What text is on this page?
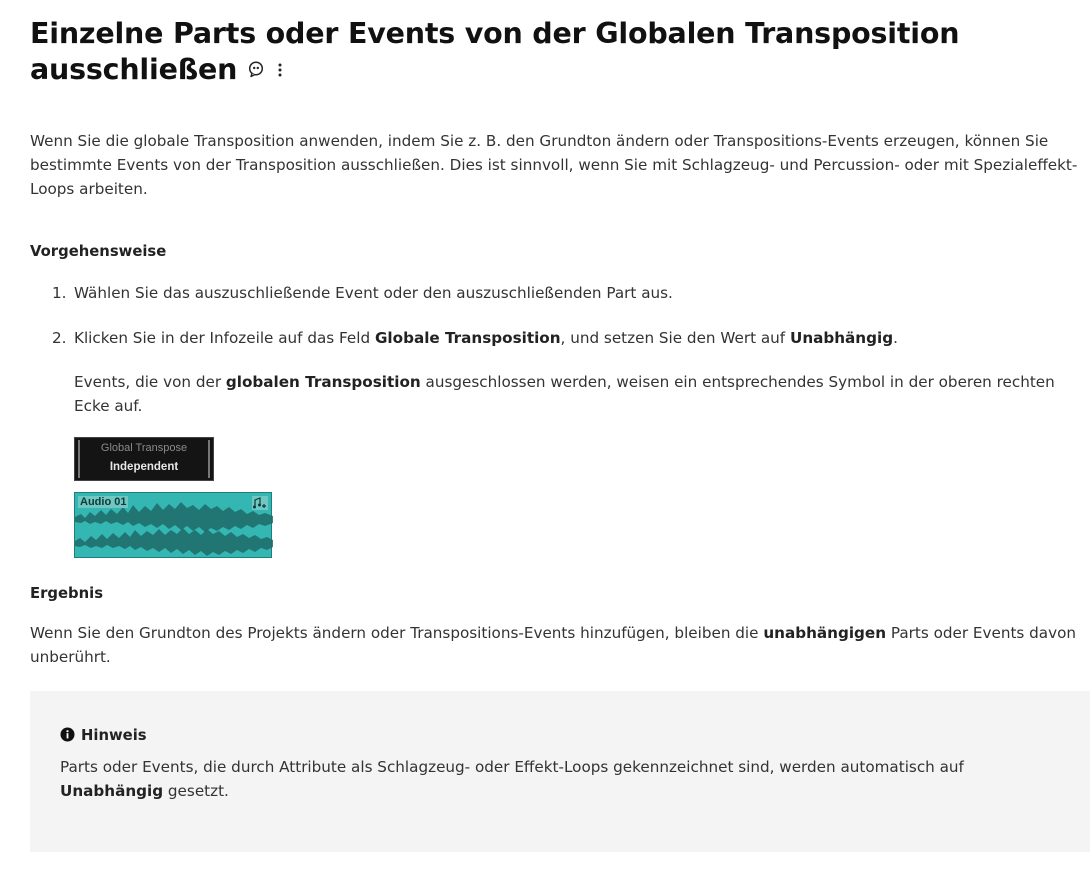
Einzelne Parts oder Events von der Globalen Transposition ausschließen

Wenn Sie die globale Transposition anwenden, indem Sie z. B. den Grundton ändern oder Transpositions-Events erzeugen, können Sie bestimmte Events von der Transposition ausschließen. Dies ist sinnvoll, wenn Sie mit Schlagzeug- und Percussion- oder mit Spezialeffekt-Loops arbeiten.

Vorgehensweise
1. Wählen Sie das auszuschließende Event oder den auszuschließenden Part aus.
2. Klicken Sie in der Infozeile auf das Feld Globale Transposition, und setzen Sie den Wert auf Unabhängig.
Events, die von der globalen Transposition ausgeschlossen werden, weisen ein entsprechendes Symbol in der oberen rechten Ecke auf.
Global Transpose
Independent
Audio 01
Ergebnis

Wenn Sie den Grundton des Projekts ändern oder Transpositions-Events hinzufügen, bleiben die unabhängigen Parts oder Events davon unberührt.

Hinweis

Parts oder Events, die durch Attribute als Schlagzeug- oder Effekt-Loops gekennzeichnet sind, werden automatisch auf Unabhängig gesetzt.
